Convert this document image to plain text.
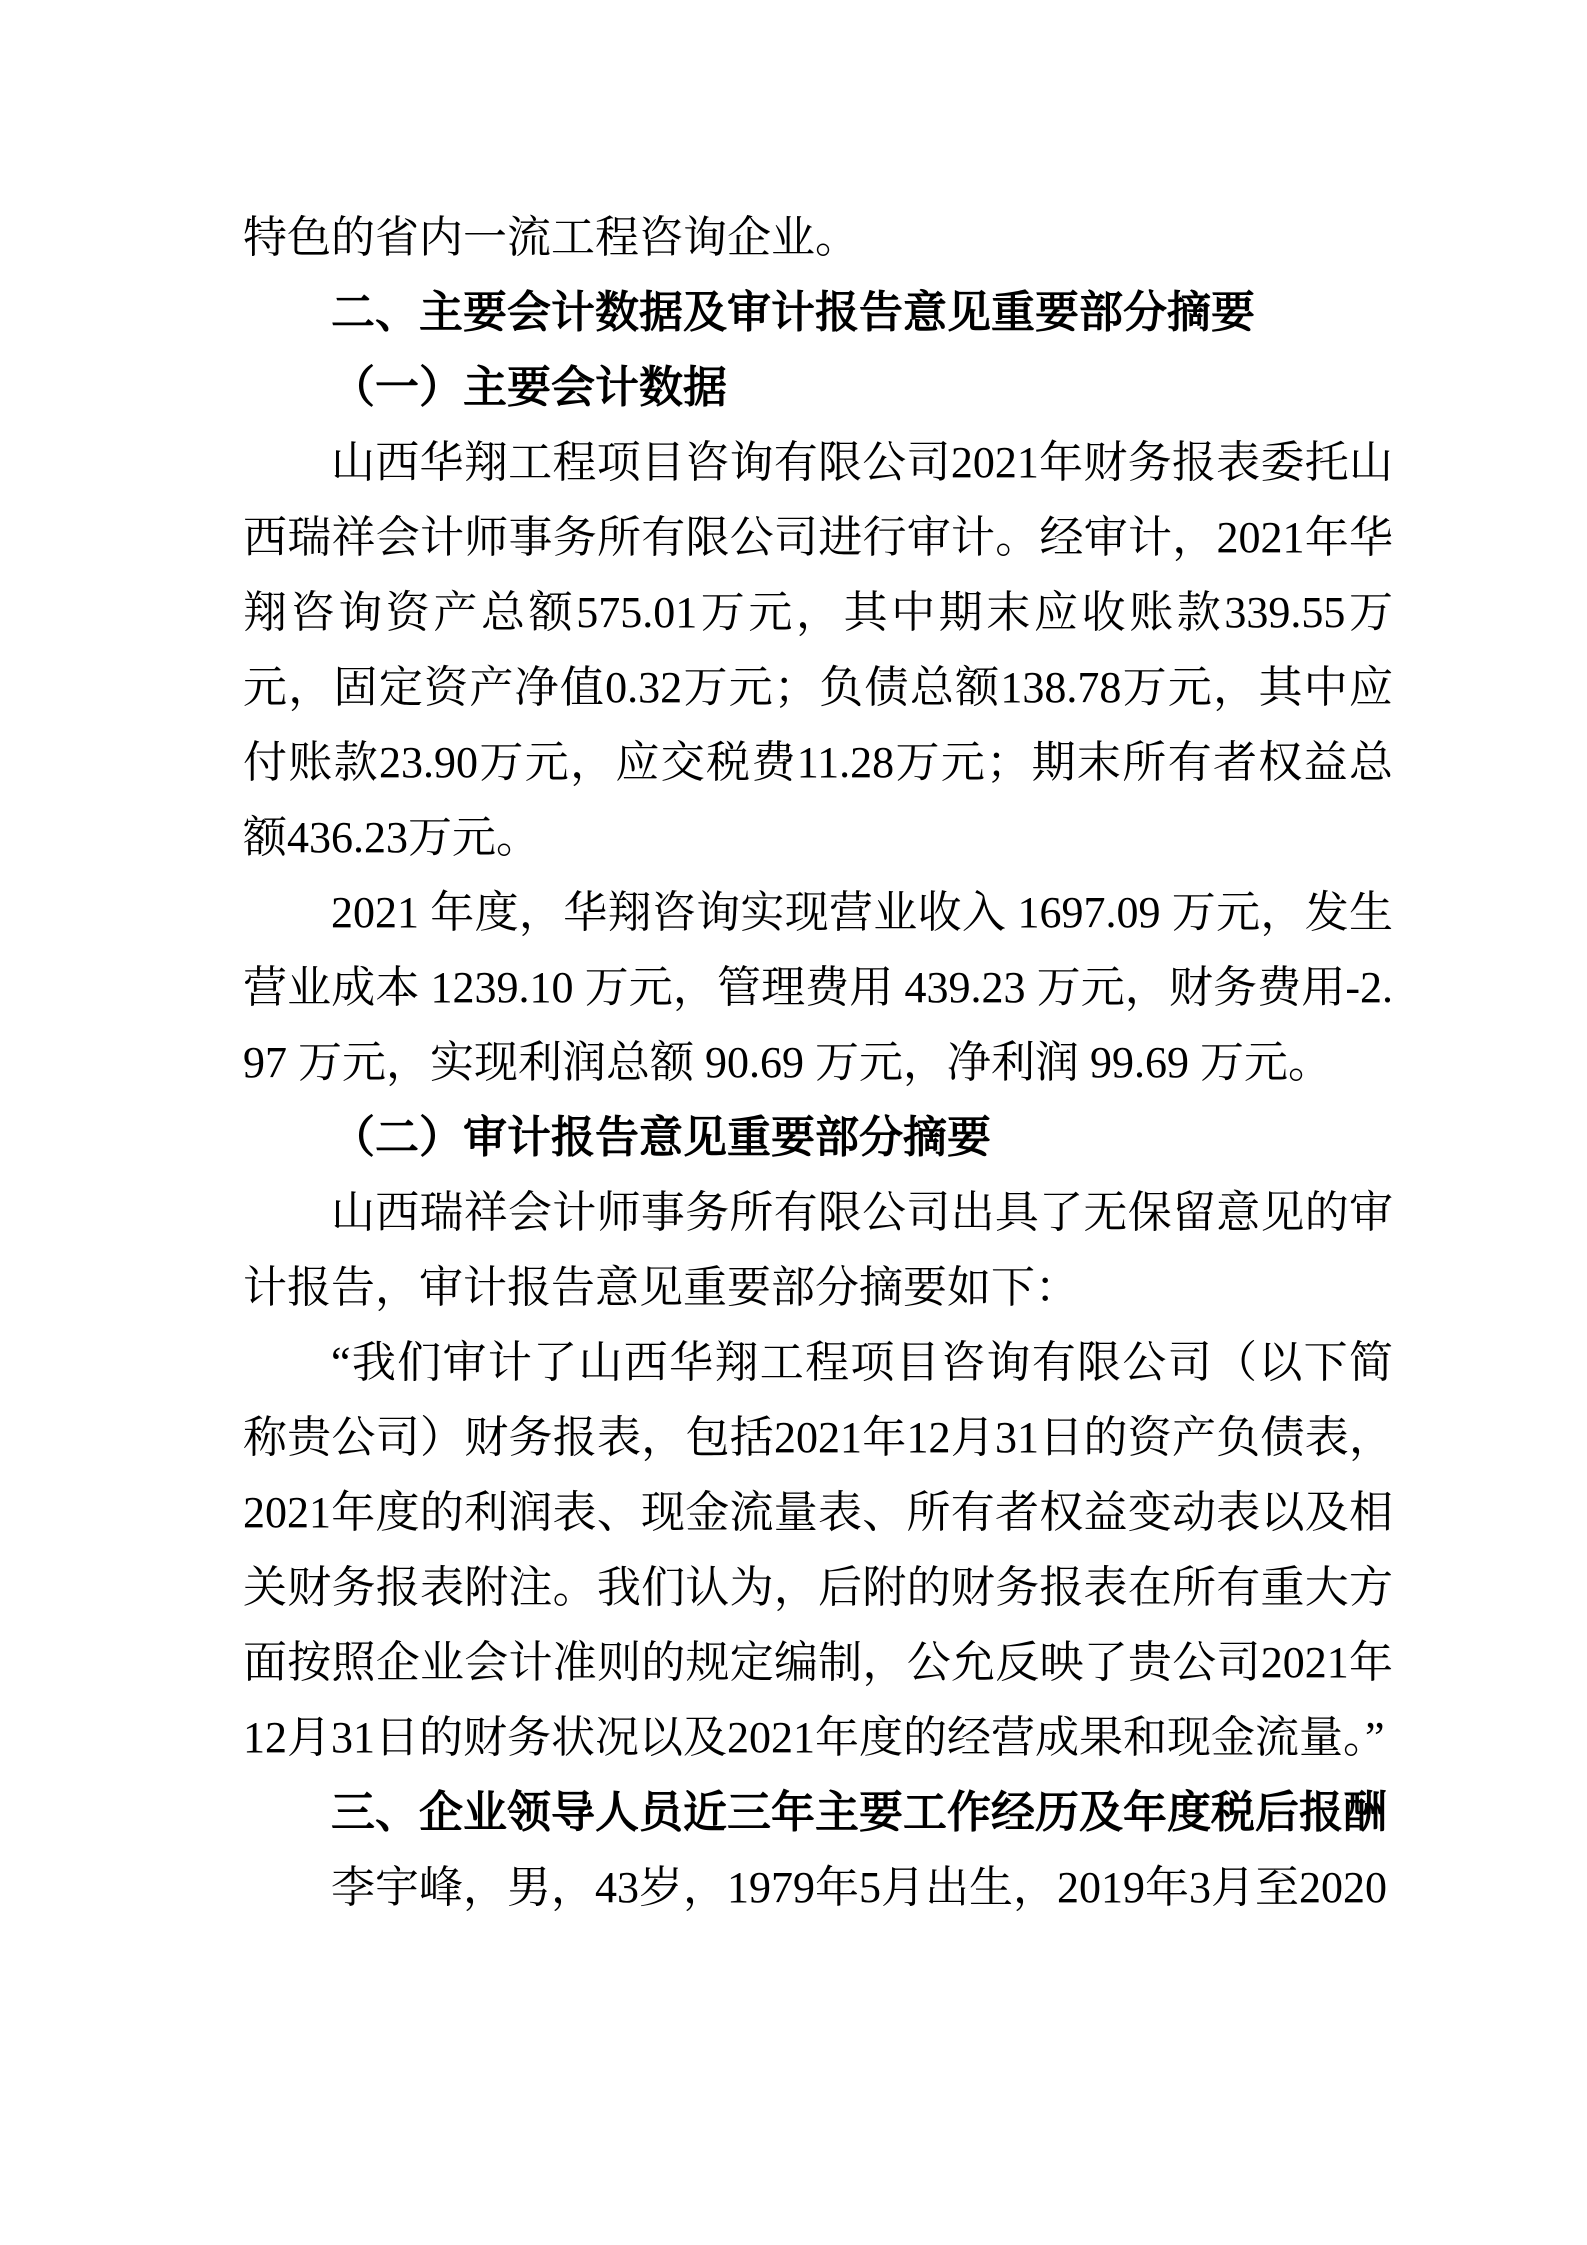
特色的省内一流工程咨询企业。

二、主要会计数据及审计报告意见重要部分摘要

（一）主要会计数据

山西华翔工程项目咨询有限公司2021年财务报表委托山西瑞祥会计师事务所有限公司进行审计。经审计，2021年华翔咨询资产总额575.01万元，其中期末应收账款339.55万元，固定资产净值0.32万元；负债总额138.78万元，其中应付账款23.90万元，应交税费11.28万元；期末所有者权益总额436.23万元。

2021 年度，华翔咨询实现营业收入 1697.09 万元，发生营业成本 1239.10 万元，管理费用 439.23 万元，财务费用-2.97 万元，实现利润总额 90.69 万元，净利润 99.69 万元。

（二）审计报告意见重要部分摘要

山西瑞祥会计师事务所有限公司出具了无保留意见的审计报告，审计报告意见重要部分摘要如下：

“我们审计了山西华翔工程项目咨询有限公司（以下简称贵公司）财务报表，包括2021年12月31日的资产负债表，2021年度的利润表、现金流量表、所有者权益变动表以及相关财务报表附注。我们认为，后附的财务报表在所有重大方面按照企业会计准则的规定编制，公允反映了贵公司2021年12月31日的财务状况以及2021年度的经营成果和现金流量。”

三、企业领导人员近三年主要工作经历及年度税后报酬

李宇峰，男，43岁，1979年5月出生，2019年3月至2020
